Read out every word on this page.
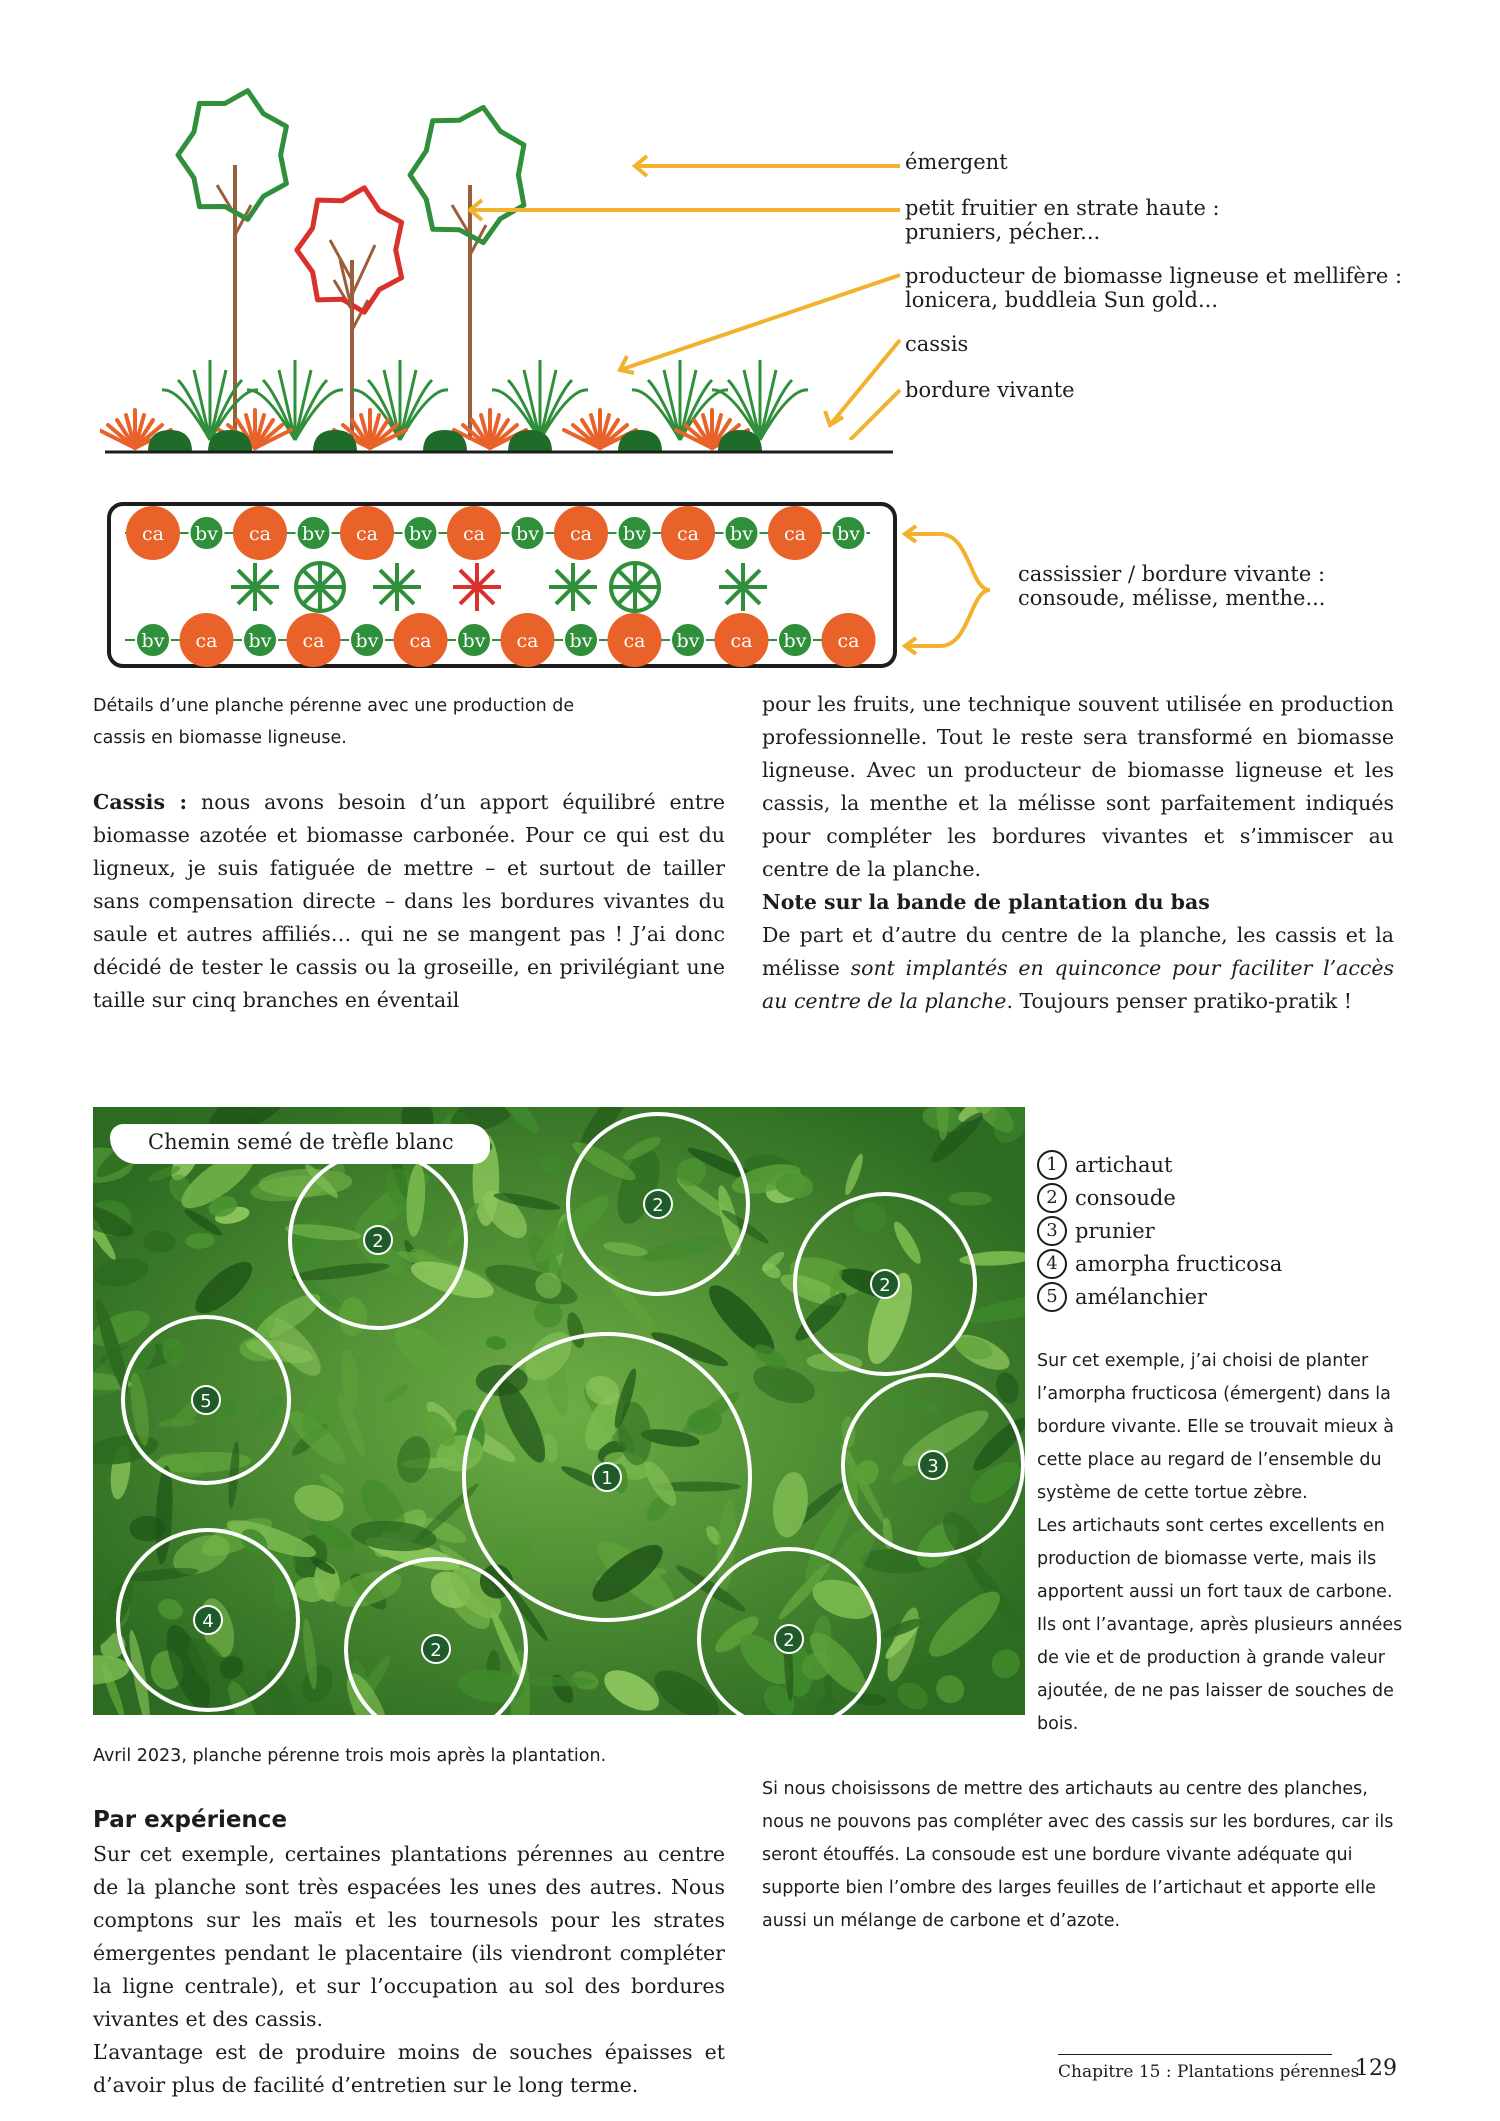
émergent
petit fruitier en strate haute :
pruniers, pécher...
producteur de biomasse ligneuse et mellifère :
lonicera, buddleia Sun gold...
cassis
bordure vivante
ca bv ca bv ca bv ca bv ca bv ca bv ca bv
bv ca bv ca bv ca bv ca bv ca bv ca bv ca
cassissier / bordure vivante :
consoude, mélisse, menthe...
Détails d’une planche pérenne avec une production de cassis en biomasse ligneuse.

Cassis : nous avons besoin d’un apport équilibré entre biomasse azotée et biomasse carbonée. Pour ce qui est du ligneux, je suis fatiguée de mettre – et surtout de tailler sans compensation directe – dans les bordures vivantes du saule et autres affiliés… qui ne se mangent pas ! J’ai donc décidé de tester le cassis ou la groseille, en privilégiant une taille sur cinq branches en éventail

pour les fruits, une technique souvent utilisée en production professionnelle. Tout le reste sera transformé en biomasse ligneuse. Avec un producteur de biomasse ligneuse et les cassis, la menthe et la mélisse sont parfaitement indiqués pour compléter les bordures vivantes et s’immiscer au centre de la planche.

Note sur la bande de plantation du bas

De part et d’autre du centre de la planche, les cassis et la mélisse sont implantés en quinconce pour faciliter l’accès au centre de la planche. Toujours penser pratiko-pratik !

2
2
2
5
1
3
4
2	2
Chemin semé de trèfle blanc
1 artichaut
2 consoude
3 prunier
4 amorpha fructicosa
5 amélanchier

Sur cet exemple, j’ai choisi de planter l’amorpha fructicosa (émergent) dans la bordure vivante. Elle se trouvait mieux à cette place au regard de l’ensemble du système de cette tortue zèbre.

Les artichauts sont certes excellents en production de biomasse verte, mais ils apportent aussi un fort taux de carbone. Ils ont l’avantage, après plusieurs années de vie et de production à grande valeur ajoutée, de ne pas laisser de souches de bois.

Avril 2023, planche pérenne trois mois après la plantation.

Si nous choisissons de mettre des artichauts au centre des planches, nous ne pouvons pas compléter avec des cassis sur les bordures, car ils seront étouffés. La consoude est une bordure vivante adéquate qui supporte bien l’ombre des larges feuilles de l’artichaut et apporte elle aussi un mélange de carbone et d’azote.

Par expérience

Sur cet exemple, certaines plantations pérennes au centre de la planche sont très espacées les unes des autres. Nous comptons sur les maïs et les tournesols pour les strates émergentes pendant le placentaire (ils viendront compléter la ligne centrale), et sur l’occupation au sol des bordures vivantes et des cassis.

L’avantage est de produire moins de souches épaisses et d’avoir plus de facilité d’entretien sur le long terme.

Chapitre 15 : Plantations pérennes
129
